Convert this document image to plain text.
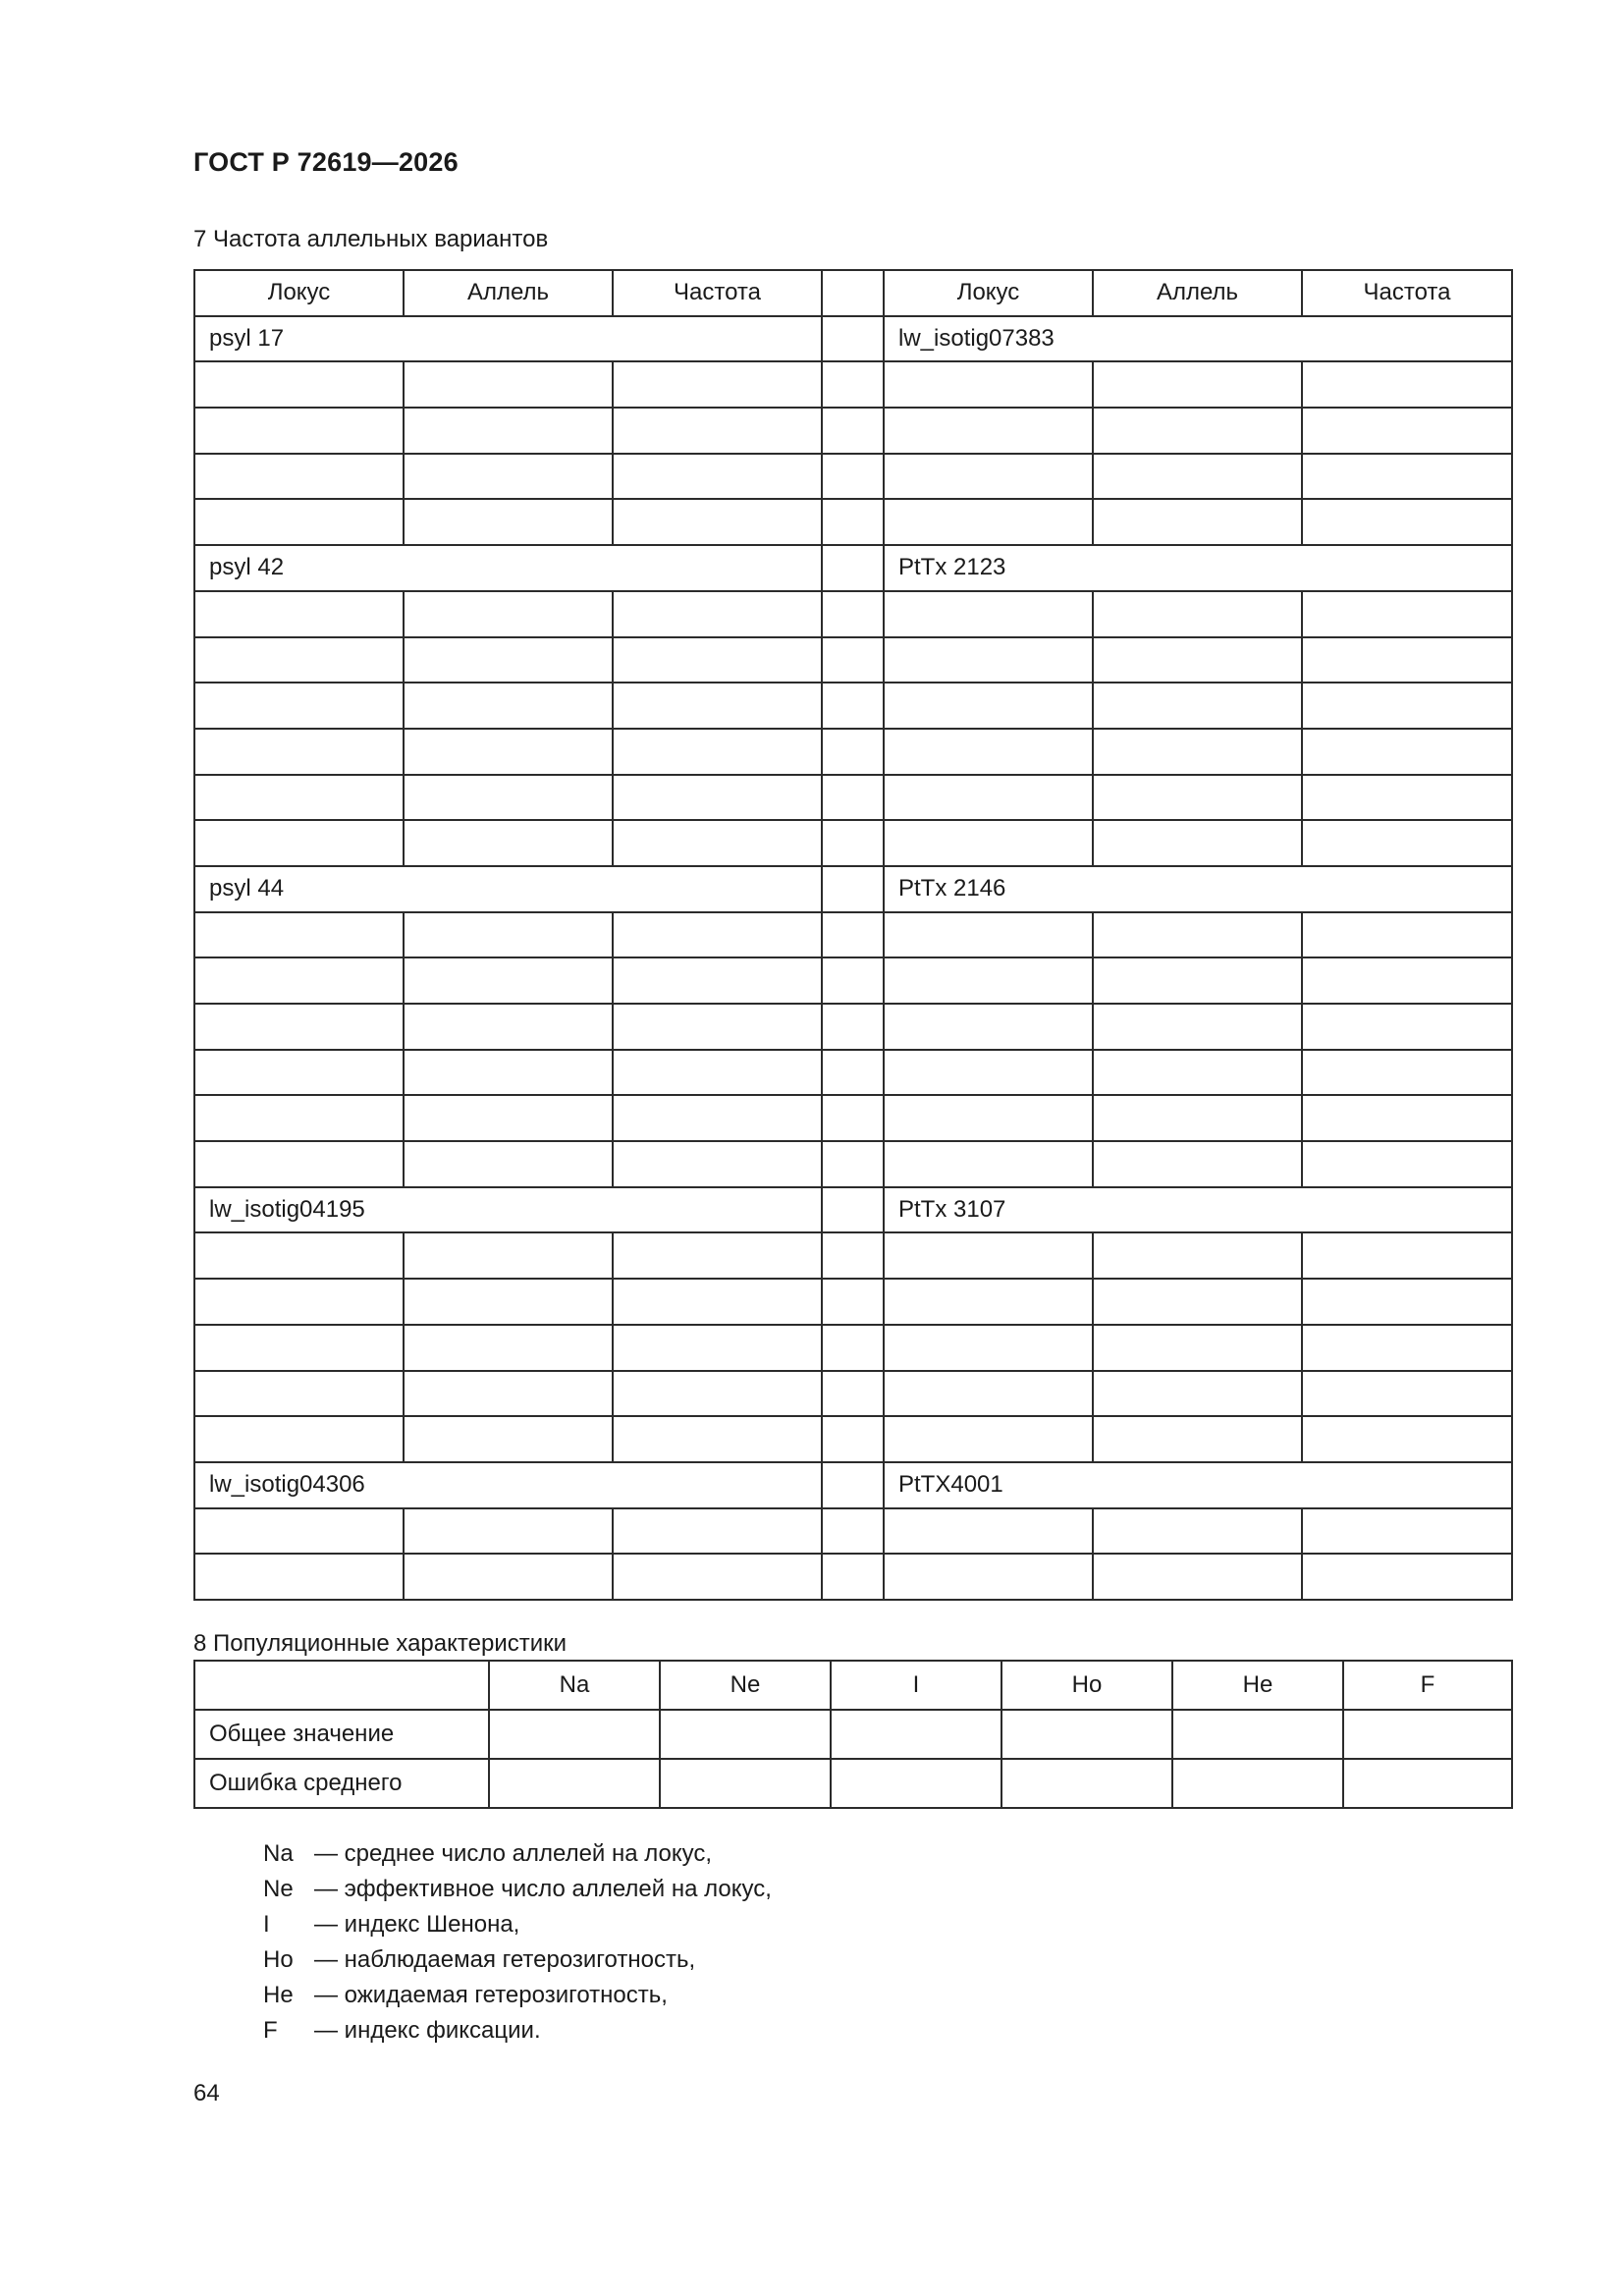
ГОСТ Р 72619—2026
7 Частота аллельных вариантов
Локус	Аллель	Частота		Локус	Аллель	Частота
psyl 17				lw_isotig07383		

psyl 42				PtTx 2123		

psyl 44				PtTx 2146		

lw_isotig04195				PtTx 3107		

lw_isotig04306				PtTX4001		

8 Популяционные характеристики
	Na	Ne	I	Ho	He	F
Общее значение						
Ошибка среднего						
Na — среднее число аллелей на локус,
Ne — эффективное число аллелей на локус,
I	— индекс Шенона,
Ho — наблюдаемая гетерозиготность,
He — ожидаемая гетерозиготность,
F	— индекс фиксации.
64
